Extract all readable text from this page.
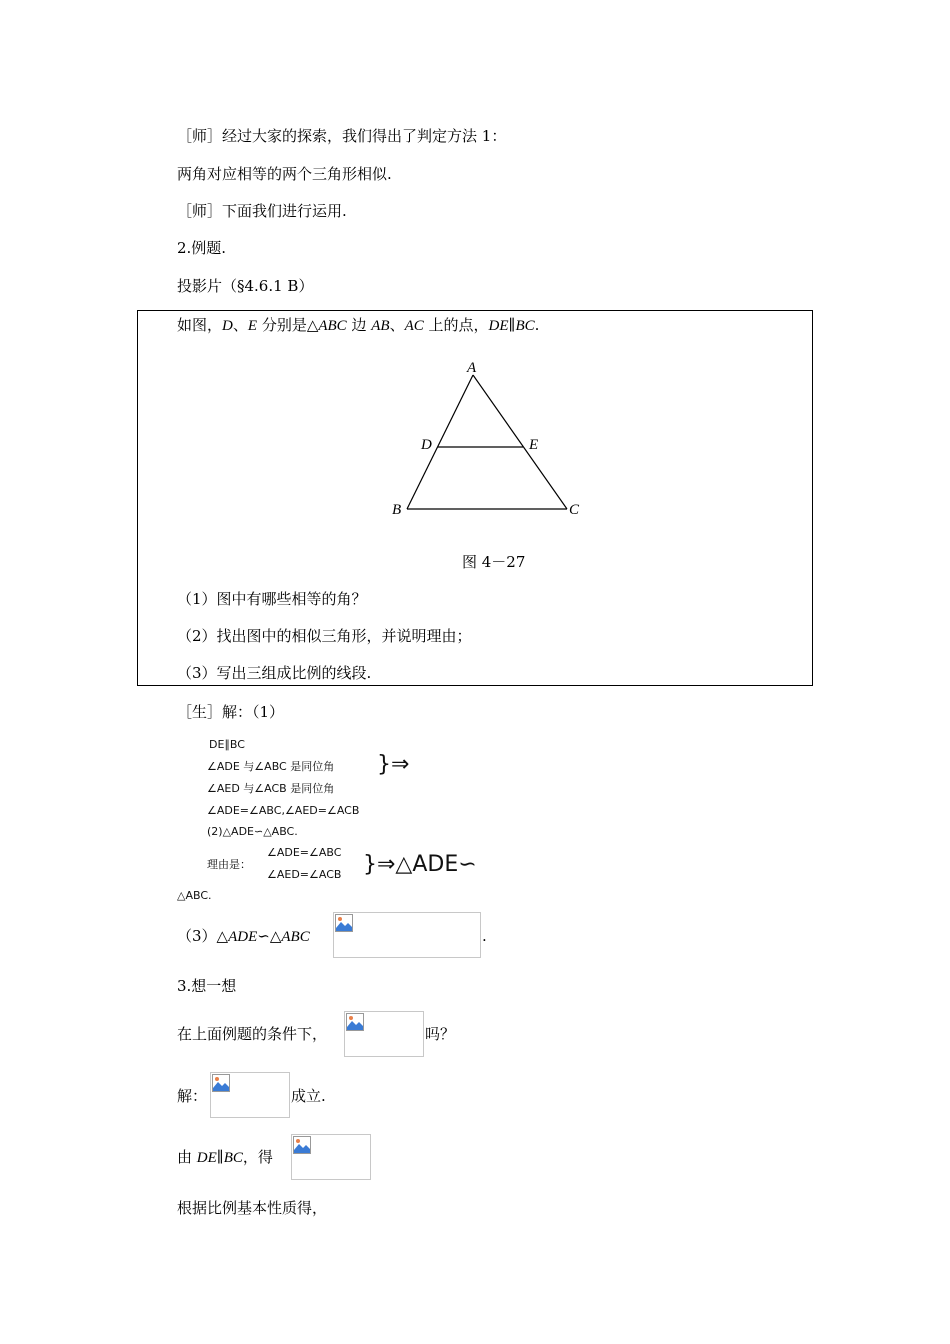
［师］经过大家的探索，我们得出了判定方法 1：
两角对应相等的两个三角形相似.
［师］下面我们进行运用.
2.例题.
投影片（§4.6.1 B）
如图，D、E 分别是△ABC 边 AB、AC 上的点，DE∥BC.
A
B	C
D	E
图 4－27
（1）图中有哪些相等的角？
（2）找出图中的相似三角形，并说明理由；
（3）写出三组成比例的线段.
［生］解：（1）
DE∥BC
∠ADE 与∠ABC 是同位角
∠AED 与∠ACB 是同位角
}⇒
∠ADE=∠ABC,∠AED=∠ACB
(2)△ADE∽△ABC.
理由是：
∠ADE=∠ABC
∠AED=∠ACB }⇒△ADE∽
△ABC.
（3）△ADE∽△ABC	.
3.想一想
在上面例题的条件下，	吗？
解：	成立.
由 DE∥BC，得
根据比例基本性质得，
